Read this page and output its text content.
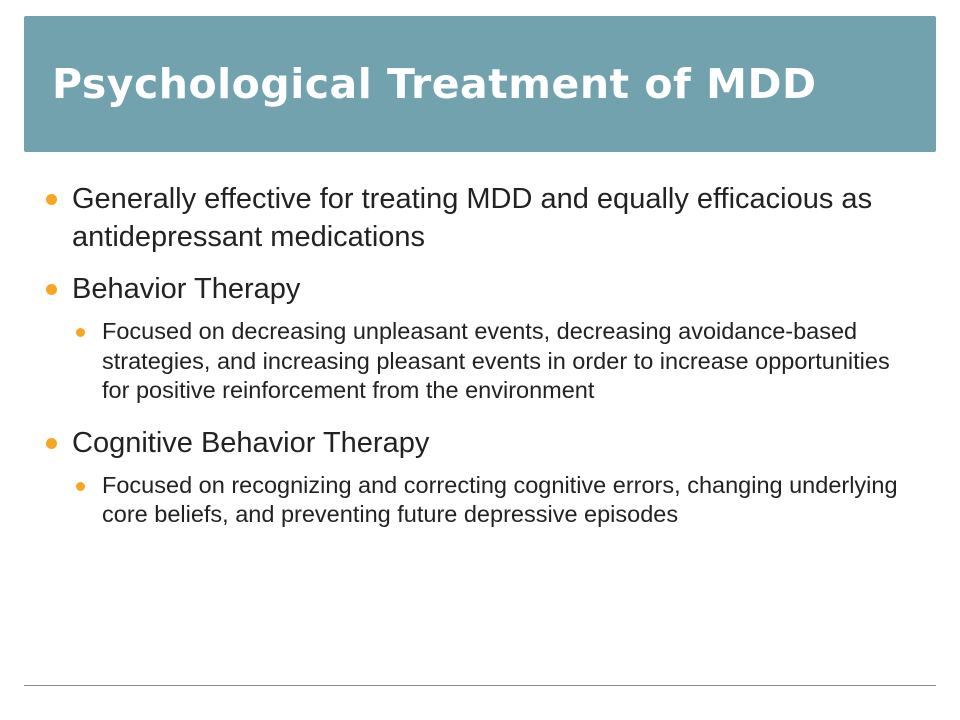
Psychological Treatment of MDD
Generally effective for treating MDD and equally efficacious as antidepressant medications
Behavior Therapy
Focused on decreasing unpleasant events, decreasing avoidance-based strategies, and increasing pleasant events in order to increase opportunities for positive reinforcement from the environment
Cognitive Behavior Therapy
Focused on recognizing and correcting cognitive errors, changing underlying core beliefs, and preventing future depressive episodes
